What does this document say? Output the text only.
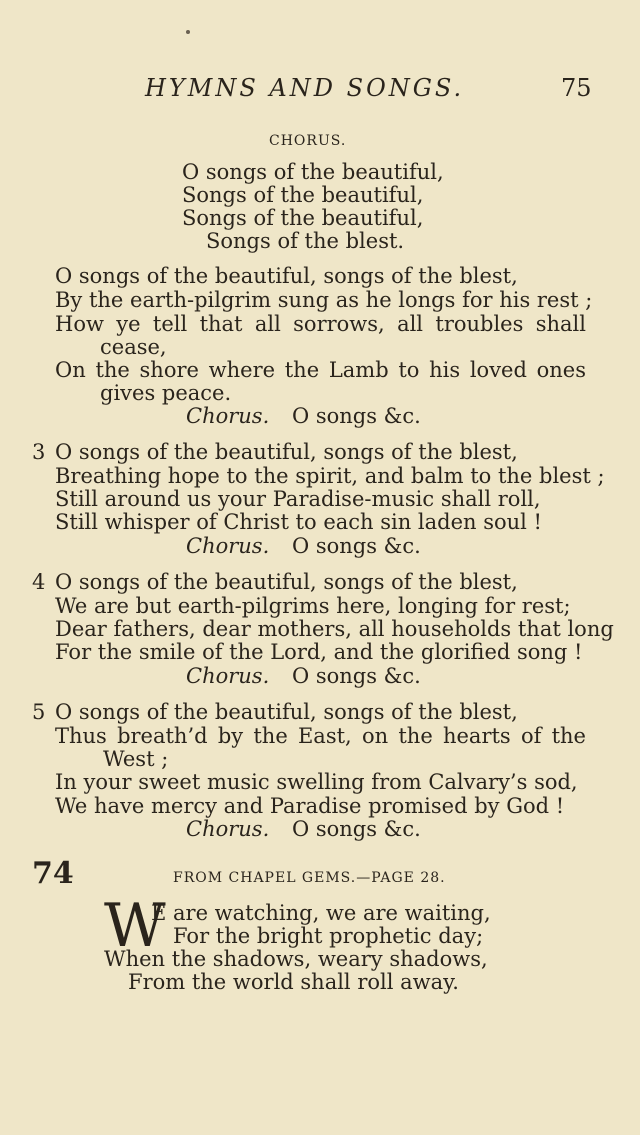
HYMNS AND SONGS.	75
CHORUS.
O songs of the beautiful,
Songs of the beautiful,
Songs of the beautiful,
Songs of the blest.
O songs of the beautiful, songs of the blest,
By the earth-pilgrim sung as he longs for his rest ;
How ye tell that all sorrows, all troubles shall
cease,
On the shore where the Lamb to his loved ones
gives peace.
Chorus. O songs &c.
3 O songs of the beautiful, songs of the blest,
Breathing hope to the spirit, and balm to the blest ;
Still around us your Paradise-music shall roll,
Still whisper of Christ to each sin laden soul !
Chorus. O songs &c.
4 O songs of the beautiful, songs of the blest,
We are but earth-pilgrims here, longing for rest;
Dear fathers, dear mothers, all households that long
For the smile of the Lord, and the glorified song !
Chorus. O songs &c.
5 O songs of the beautiful, songs of the blest,
Thus breath’d by the East, on the hearts of the
West ;
In your sweet music swelling from Calvary’s sod,
We have mercy and Paradise promised by God !
Chorus. O songs &c.
74	FROM CHAPEL GEMS.—PAGE 28.
W
E are watching, we are waiting,
For the bright prophetic day;
When the shadows, weary shadows,
From the world shall roll away.
